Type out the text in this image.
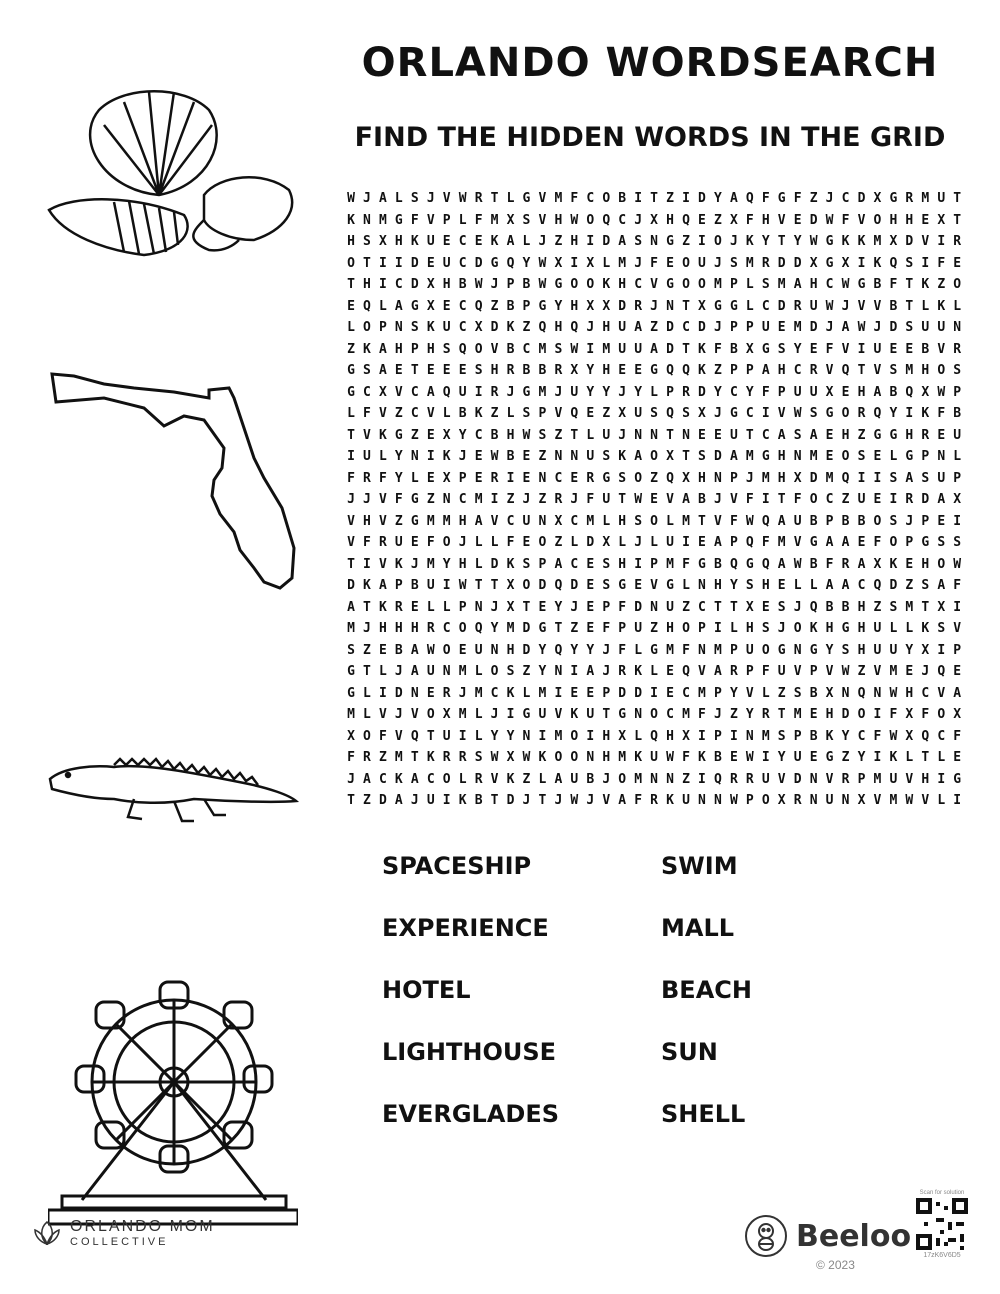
ORLANDO WORDSEARCH
FIND THE HIDDEN WORDS IN THE GRID
W J A L S J V W R T L G V M F C O B I T Z I D Y A Q F G F Z J C D X G R M U T
K N M G F V P L F M X S V H W O Q C J X H Q E Z X F H V E D W F V O H H E X T
H S X H K U E C E K A L J Z H I D A S N G Z I O J K Y T Y W G K K M X D V I R
O T I I D E U C D G Q Y W X I X L M J F E O U J S M R D D X G X I K Q S I F E
T H I C D X H B W J P B W G O O K H C V G O O M P L S M A H C W G B F T K Z O
E Q L A G X E C Q Z B P G Y H X X D R J N T X G G L C D R U W J V V B T L K L
L O P N S K U C X D K Z Q H Q J H U A Z D C D J P P U E M D J A W J D S U U N
Z K A H P H S Q O V B C M S W I M U U A D T K F B X G S Y E F V I U E E B V R
G S A E T E E E S H R B B R X Y H E E G Q Q K Z P P A H C R V Q T V S M H O S
G C X V C A Q U I R J G M J U Y Y J Y L P R D Y C Y F P U U X E H A B Q X W P
L F V Z C V L B K Z L S P V Q E Z X U S Q S X J G C I V W S G O R Q Y I K F B
T V K G Z E X Y C B H W S Z T L U J N N T N E E U T C A S A E H Z G G H R E U
I U L Y N I K J E W B E Z N N U S K A O X T S D A M G H N M E O S E L G P N L
F R F Y L E X P E R I E N C E R G S O Z Q X H N P J M H X D M Q I I S A S U P
J J V F G Z N C M I Z J Z R J F U T W E V A B J V F I T F O C Z U E I R D A X
V H V Z G M M H A V C U N X C M L H S O L M T V F W Q A U B P B B O S J P E I
V F R U E F O J L L F E O Z L D X L J L U I E A P Q F M V G A A E F O P G S S
T I V K J M Y H L D K S P A C E S H I P M F G B Q G Q A W B F R A X K E H O W
D K A P B U I W T T X O D Q D E S G E V G L N H Y S H E L L A A C Q D Z S A F
A T K R E L L P N J X T E Y J E P F D N U Z C T T X E S J Q B B H Z S M T X I
M J H H H R C O Q Y M D G T Z E F P U Z H O P I L H S J O K H G H U L L K S V
S Z E B A W O E U N H D Y Q Y Y J F L G M F N M P U O G N G Y S H U U Y X I P
G T L J A U N M L O S Z Y N I A J R K L E Q V A R P F U V P V W Z V M E J Q E
G L I D N E R J M C K L M I E E P D D I E C M P Y V L Z S B X N Q N W H C V A
M L V J V O X M L J I G U V K U T G N O C M F J Z Y R T M E H D O I F X F O X
X O F V Q T U I L Y Y N I M O I H X L Q H X I P I N M S P B K Y C F W X Q C F
F R Z M T K R R S W X W K O O N H M K U W F K B E W I Y U E G Z Y I K L T L E
J A C K A C O L R V K Z L A U B J O M N N Z I Q R R U V D N V R P M U V H I G
T Z D A J U I K B T D J T J W J V A F R K U N N W P O X R N U N X V M W V L I
SPACESHIP
EXPERIENCE
HOTEL
LIGHTHOUSE
EVERGLADES
SWIM
MALL
BEACH
SUN
SHELL
ORLANDO MOM
COLLECTIVE	Beeloo
© 2023
Scan for solution
17zK6V6D5
